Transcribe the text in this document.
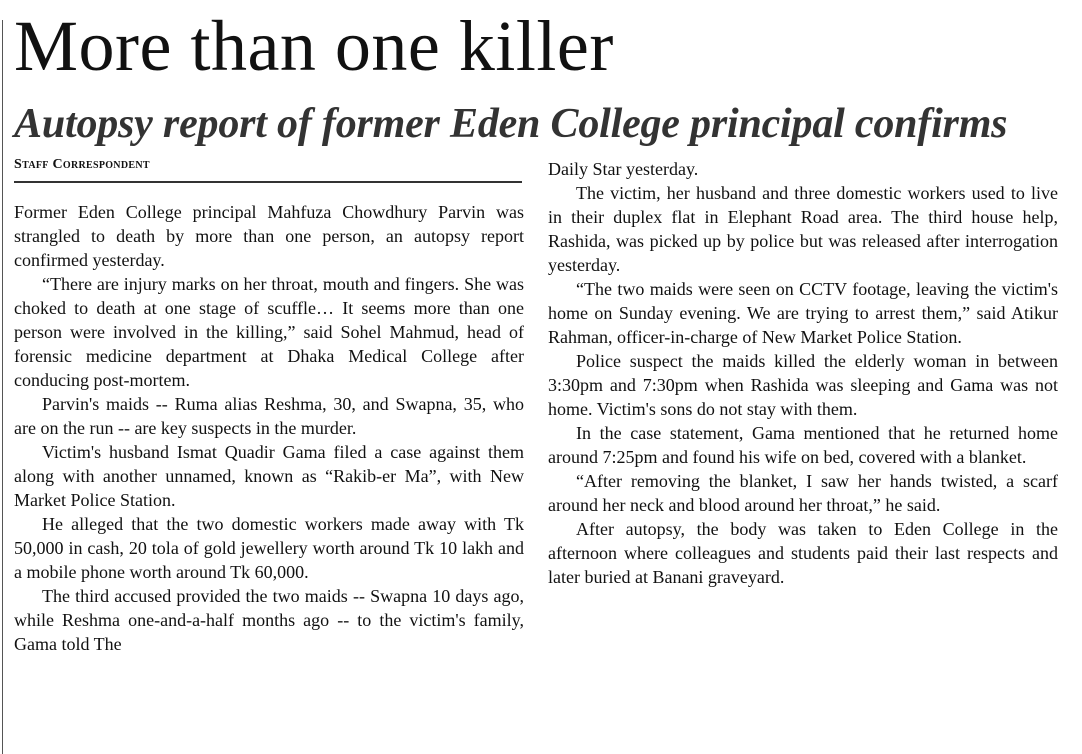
More than one killer
Autopsy report of former Eden College principal confirms
Staff Correspondent

Former Eden College principal Mahfuza Chowdhury Parvin was strangled to death by more than one person, an autopsy report confirmed yesterday.

“There are injury marks on her throat, mouth and fingers. She was choked to death at one stage of scuffle… It seems more than one person were involved in the killing,” said Sohel Mahmud, head of forensic medicine department at Dhaka Medical College after conducing post-mortem.

Parvin's maids -- Ruma alias Reshma, 30, and Swapna, 35, who are on the run -- are key suspects in the murder.

Victim's husband Ismat Quadir Gama filed a case against them along with another unnamed, known as “Rakib-er Ma”, with New Market Police Station.

He alleged that the two domestic workers made away with Tk 50,000 in cash, 20 tola of gold jewellery worth around Tk 10 lakh and a mobile phone worth around Tk 60,000.

The third accused provided the two maids -- Swapna 10 days ago, while Reshma one-and-a-half months ago -- to the victim's family, Gama told The

Daily Star yesterday.

The victim, her husband and three domestic workers used to live in their duplex flat in Elephant Road area. The third house help, Rashida, was picked up by police but was released after interrogation yesterday.

“The two maids were seen on CCTV footage, leaving the victim's home on Sunday evening. We are trying to arrest them,” said Atikur Rahman, officer-in-charge of New Market Police Station.

Police suspect the maids killed the elderly woman in between 3:30pm and 7:30pm when Rashida was sleeping and Gama was not home. Victim's sons do not stay with them.

In the case statement, Gama mentioned that he returned home around 7:25pm and found his wife on bed, covered with a blanket.

“After removing the blanket, I saw her hands twisted, a scarf around her neck and blood around her throat,” he said.

After autopsy, the body was taken to Eden College in the afternoon where colleagues and students paid their last respects and later buried at Banani graveyard.
